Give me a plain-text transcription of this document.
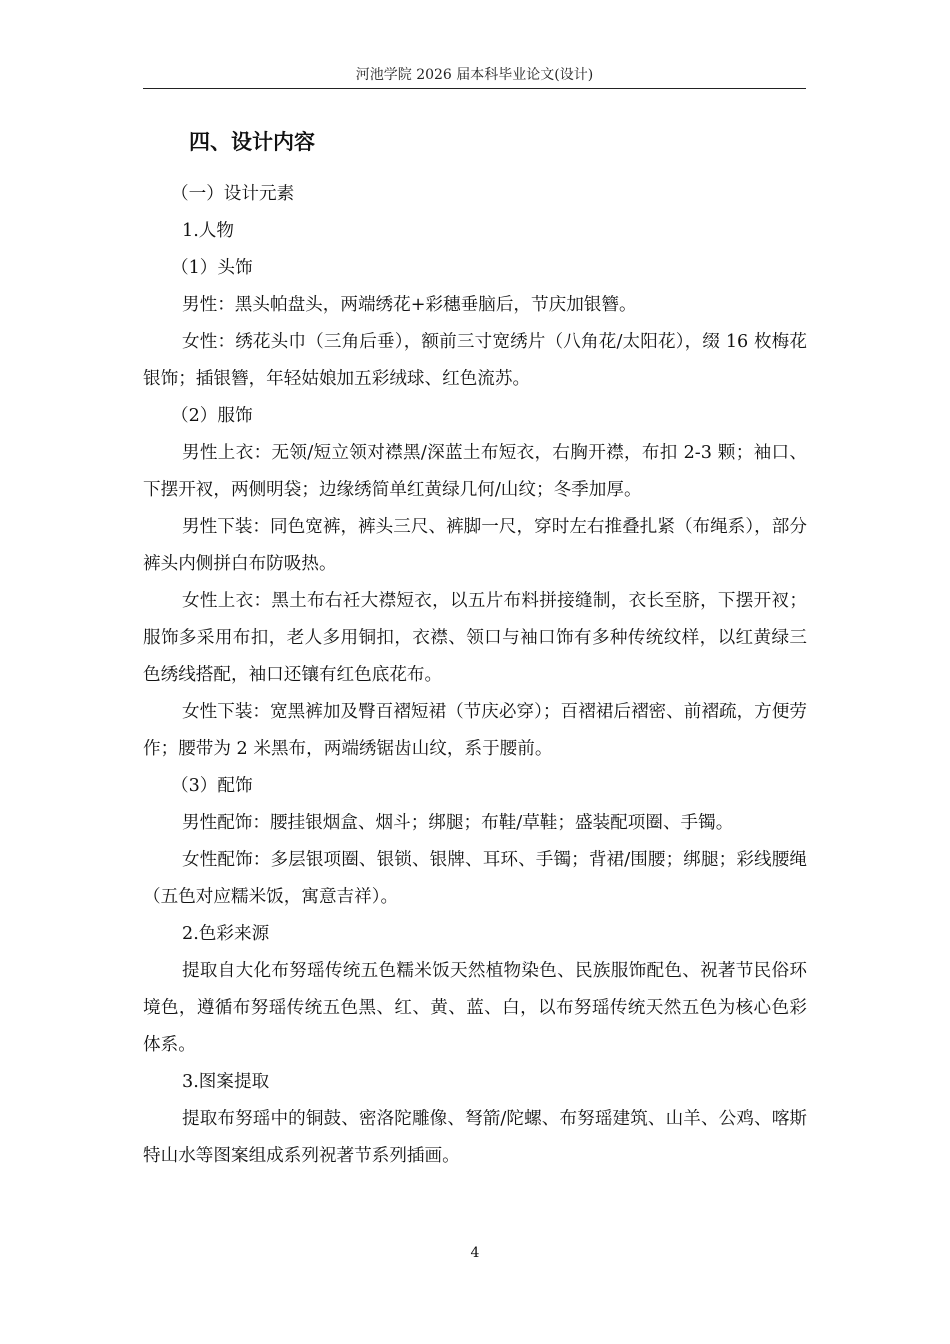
河池学院 2026 届本科毕业论文(设计)
四、设计内容

（一）设计元素

1.人物

（1）头饰

男性：黑头帕盘头，两端绣花+彩穗垂脑后，节庆加银簪。

女性：绣花头巾（三角后垂），额前三寸宽绣片（八角花/太阳花），缀 16 枚梅花银饰；插银簪，年轻姑娘加五彩绒球、红色流苏。

（2）服饰

男性上衣：无领/短立领对襟黑/深蓝土布短衣，右胸开襟，布扣 2-3 颗；袖口、下摆开衩，两侧明袋；边缘绣简单红黄绿几何/山纹；冬季加厚。

男性下装：同色宽裤，裤头三尺、裤脚一尺，穿时左右推叠扎紧（布绳系），部分裤头内侧拼白布防吸热。

女性上衣：黑土布右衽大襟短衣，以五片布料拼接缝制，衣长至脐，下摆开衩；服饰多采用布扣，老人多用铜扣，衣襟、领口与袖口饰有多种传统纹样，以红黄绿三色绣线搭配，袖口还镶有红色底花布。

女性下装：宽黑裤加及臀百褶短裙（节庆必穿）；百褶裙后褶密、前褶疏，方便劳作；腰带为 2 米黑布，两端绣锯齿山纹，系于腰前。

（3）配饰

男性配饰：腰挂银烟盒、烟斗；绑腿；布鞋/草鞋；盛装配项圈、手镯。

女性配饰：多层银项圈、银锁、银牌、耳环、手镯；背裙/围腰；绑腿；彩线腰绳（五色对应糯米饭，寓意吉祥）。

2.色彩来源

提取自大化布努瑶传统五色糯米饭天然植物染色、民族服饰配色、祝著节民俗环境色，遵循布努瑶传统五色黑、红、黄、蓝、白，以布努瑶传统天然五色为核心色彩体系。

3.图案提取

提取布努瑶中的铜鼓、密洛陀雕像、弩箭/陀螺、布努瑶建筑、山羊、公鸡、喀斯特山水等图案组成系列祝著节系列插画。

4
